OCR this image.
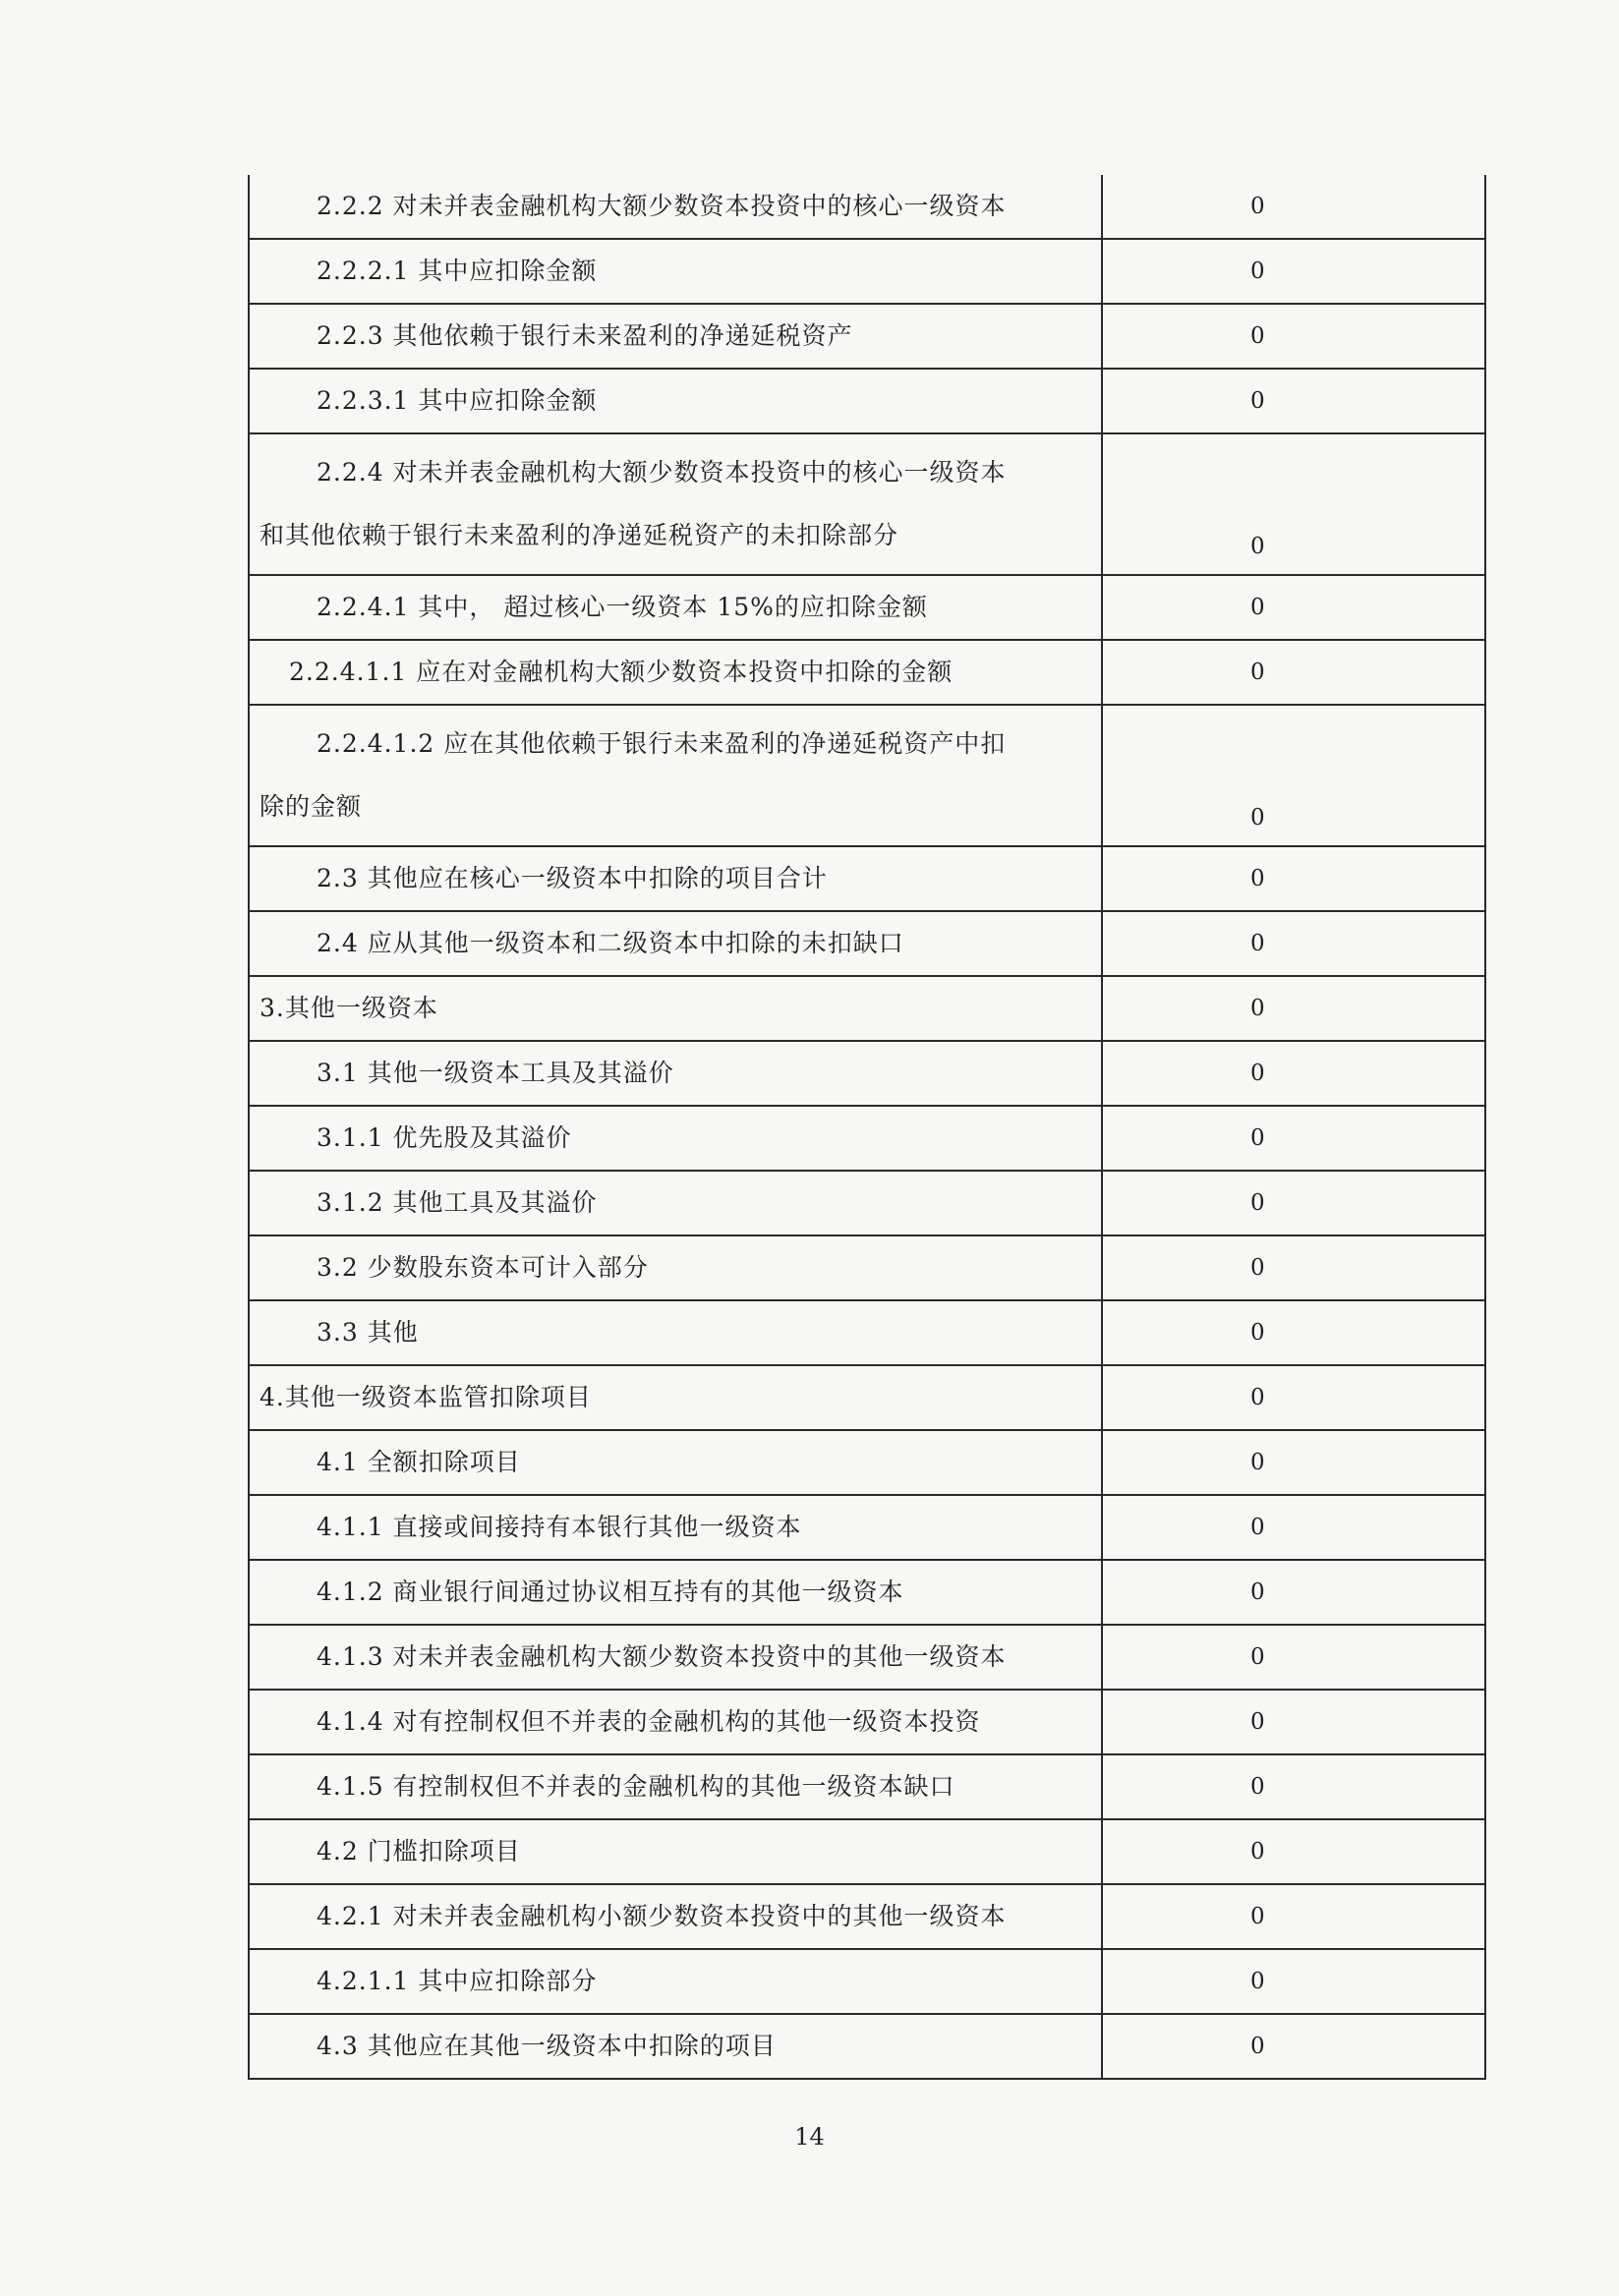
2.2.2 对未并表金融机构大额少数资本投资中的核心一级资本	0
2.2.2.1 其中应扣除金额	0
2.2.3 其他依赖于银行未来盈利的净递延税资产	0
2.2.3.1 其中应扣除金额	0
2.2.4 对未并表金融机构大额少数资本投资中的核心一级资本
和其他依赖于银行未来盈利的净递延税资产的未扣除部分	0
2.2.4.1 其中， 超过核心一级资本 15%的应扣除金额	0
2.2.4.1.1 应在对金融机构大额少数资本投资中扣除的金额	0
2.2.4.1.2 应在其他依赖于银行未来盈利的净递延税资产中扣
除的金额	0
2.3 其他应在核心一级资本中扣除的项目合计	0
2.4 应从其他一级资本和二级资本中扣除的未扣缺口	0
3.其他一级资本	0
3.1 其他一级资本工具及其溢价	0
3.1.1 优先股及其溢价	0
3.1.2 其他工具及其溢价	0
3.2 少数股东资本可计入部分	0
3.3 其他	0
4.其他一级资本监管扣除项目	0
4.1 全额扣除项目	0
4.1.1 直接或间接持有本银行其他一级资本	0
4.1.2 商业银行间通过协议相互持有的其他一级资本	0
4.1.3 对未并表金融机构大额少数资本投资中的其他一级资本	0
4.1.4 对有控制权但不并表的金融机构的其他一级资本投资	0
4.1.5 有控制权但不并表的金融机构的其他一级资本缺口	0
4.2 门槛扣除项目	0
4.2.1 对未并表金融机构小额少数资本投资中的其他一级资本	0
4.2.1.1 其中应扣除部分	0
4.3 其他应在其他一级资本中扣除的项目	0
14
